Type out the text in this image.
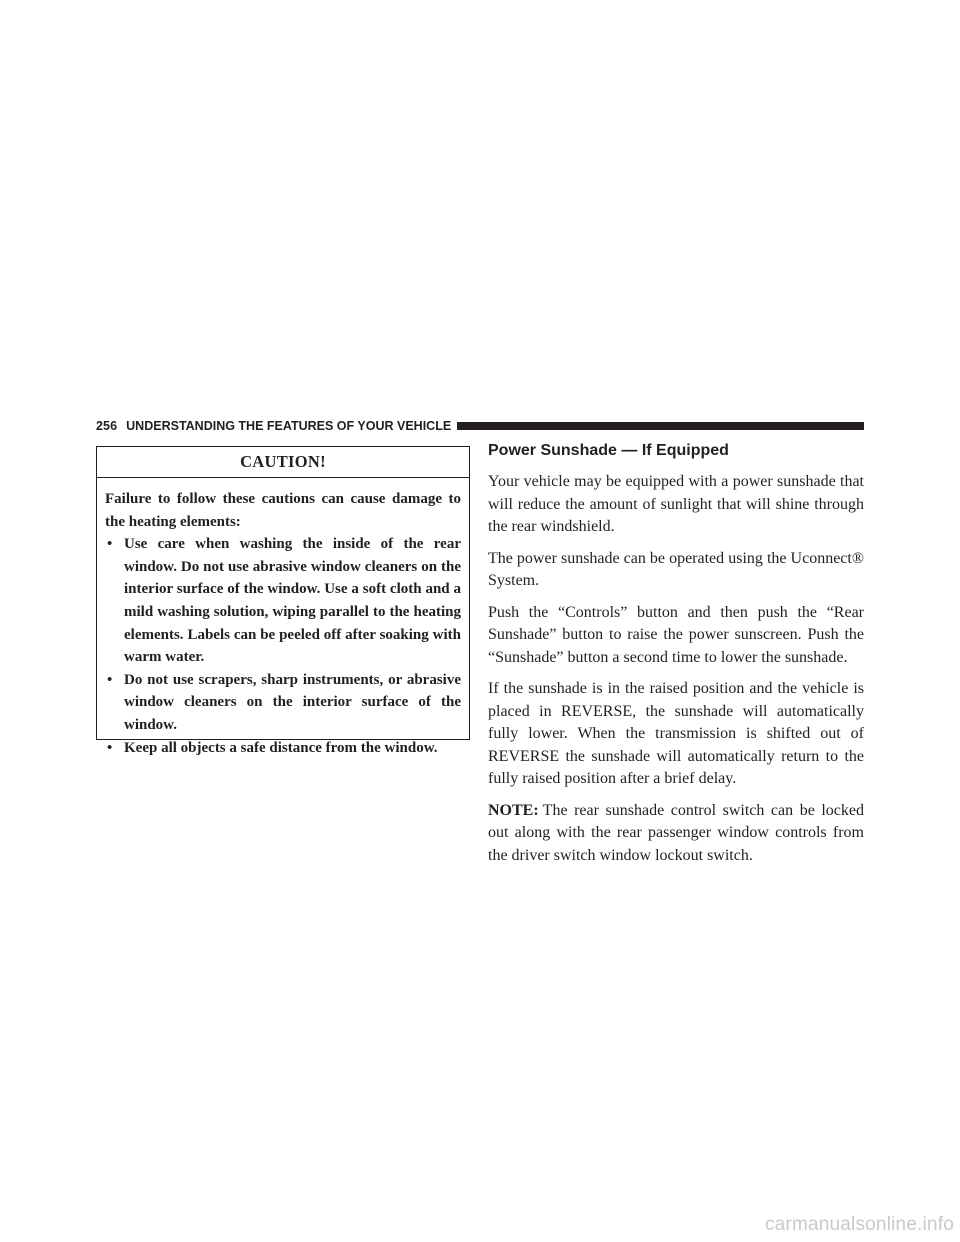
256 UNDERSTANDING THE FEATURES OF YOUR VEHICLE
CAUTION!

Failure to follow these cautions can cause damage to the heating elements:

• Use care when washing the inside of the rear window. Do not use abrasive window cleaners on the interior surface of the window. Use a soft cloth and a mild washing solution, wiping parallel to the heating elements. Labels can be peeled off after soaking with warm water.
• Do not use scrapers, sharp instruments, or abrasive window cleaners on the interior surface of the window.
• Keep all objects a safe distance from the window.
Power Sunshade — If Equipped

Your vehicle may be equipped with a power sunshade that will reduce the amount of sunlight that will shine through the rear windshield.

The power sunshade can be operated using the Uconnect® System.

Push the “Controls” button and then push the “Rear Sunshade” button to raise the power sunscreen. Push the “Sunshade” button a second time to lower the sunshade.

If the sunshade is in the raised position and the vehicle is placed in REVERSE, the sunshade will automatically fully lower. When the transmission is shifted out of REVERSE the sunshade will automatically return to the fully raised position after a brief delay.

NOTE: The rear sunshade control switch can be locked out along with the rear passenger window controls from the driver switch window lockout switch.

carmanualsonline.info
